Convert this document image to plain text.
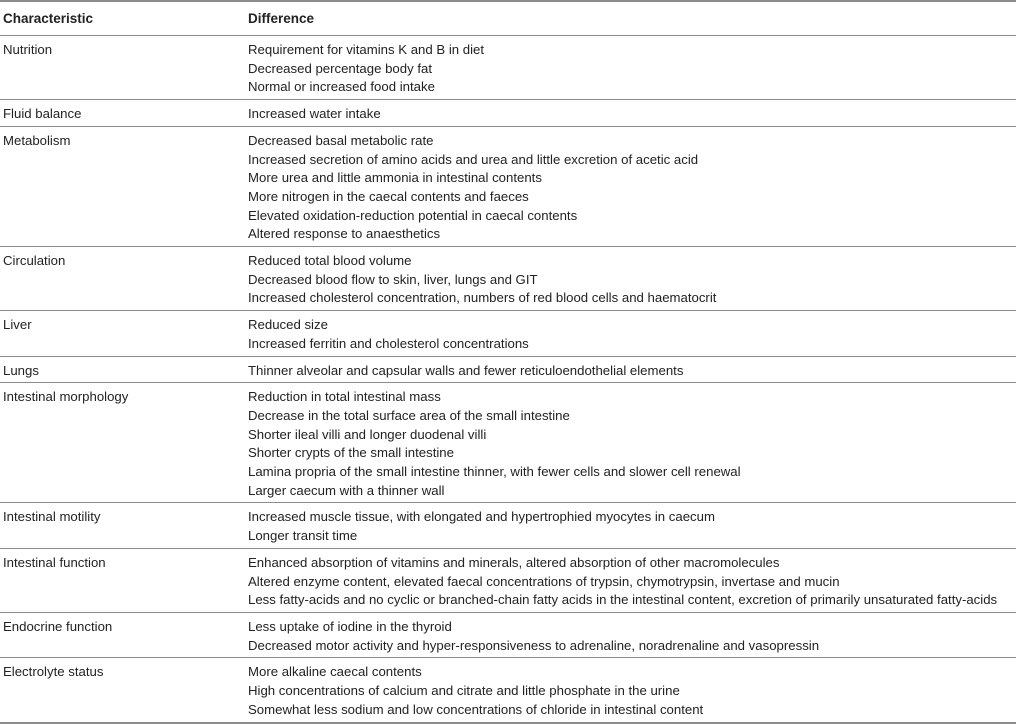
Characteristic	Difference
Nutrition	Requirement for vitamins K and B in diet
Decreased percentage body fat
Normal or increased food intake
Fluid balance	Increased water intake
Metabolism	Decreased basal metabolic rate
Increased secretion of amino acids and urea and little excretion of acetic acid
More urea and little ammonia in intestinal contents
More nitrogen in the caecal contents and faeces
Elevated oxidation-reduction potential in caecal contents
Altered response to anaesthetics
Circulation	Reduced total blood volume
Decreased blood flow to skin, liver, lungs and GIT
Increased cholesterol concentration, numbers of red blood cells and haematocrit
Liver	Reduced size
Increased ferritin and cholesterol concentrations
Lungs	Thinner alveolar and capsular walls and fewer reticuloendothelial elements
Intestinal morphology	Reduction in total intestinal mass
Decrease in the total surface area of the small intestine
Shorter ileal villi and longer duodenal villi
Shorter crypts of the small intestine
Lamina propria of the small intestine thinner, with fewer cells and slower cell renewal
Larger caecum with a thinner wall
Intestinal motility	Increased muscle tissue, with elongated and hypertrophied myocytes in caecum
Longer transit time
Intestinal function	Enhanced absorption of vitamins and minerals, altered absorption of other macromolecules
Altered enzyme content, elevated faecal concentrations of trypsin, chymotrypsin, invertase and mucin
Less fatty-acids and no cyclic or branched-chain fatty acids in the intestinal content, excretion of primarily unsaturated fatty-acids
Endocrine function	Less uptake of iodine in the thyroid
Decreased motor activity and hyper-responsiveness to adrenaline, noradrenaline and vasopressin
Electrolyte status	More alkaline caecal contents
High concentrations of calcium and citrate and little phosphate in the urine
Somewhat less sodium and low concentrations of chloride in intestinal content
